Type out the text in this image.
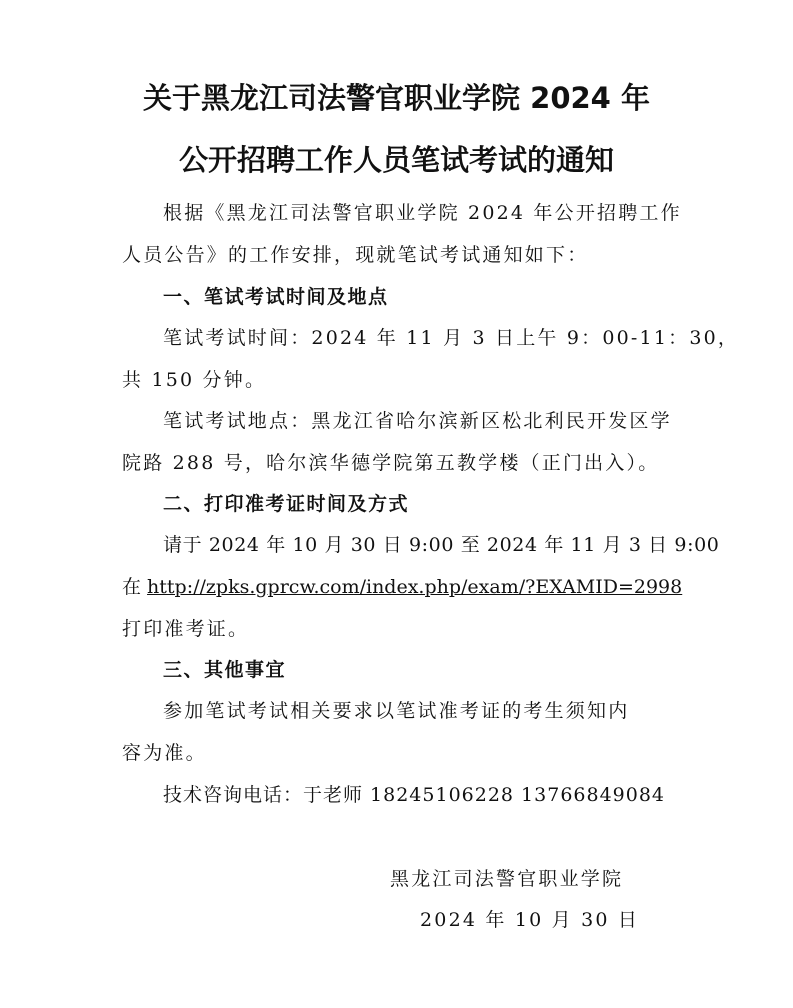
关于黑龙江司法警官职业学院 2024 年
公开招聘工作人员笔试考试的通知
根据《黑龙江司法警官职业学院 2024 年公开招聘工作
人员公告》的工作安排，现就笔试考试通知如下：
一、笔试考试时间及地点
笔试考试时间：2024 年 11 月 3 日上午 9：00-11：30，
共 150 分钟。
笔试考试地点：黑龙江省哈尔滨新区松北利民开发区学
院路 288 号，哈尔滨华德学院第五教学楼（正门出入）。
二、打印准考证时间及方式
请于 2024 年 10 月 30 日 9:00 至 2024 年 11 月 3 日 9:00
在 http://zpks.gprcw.com/index.php/exam/?EXAMID=2998
打印准考证。
三、其他事宜
参加笔试考试相关要求以笔试准考证的考生须知内
容为准。
技术咨询电话：于老师 18245106228 13766849084
黑龙江司法警官职业学院
2024 年 10 月 30 日
